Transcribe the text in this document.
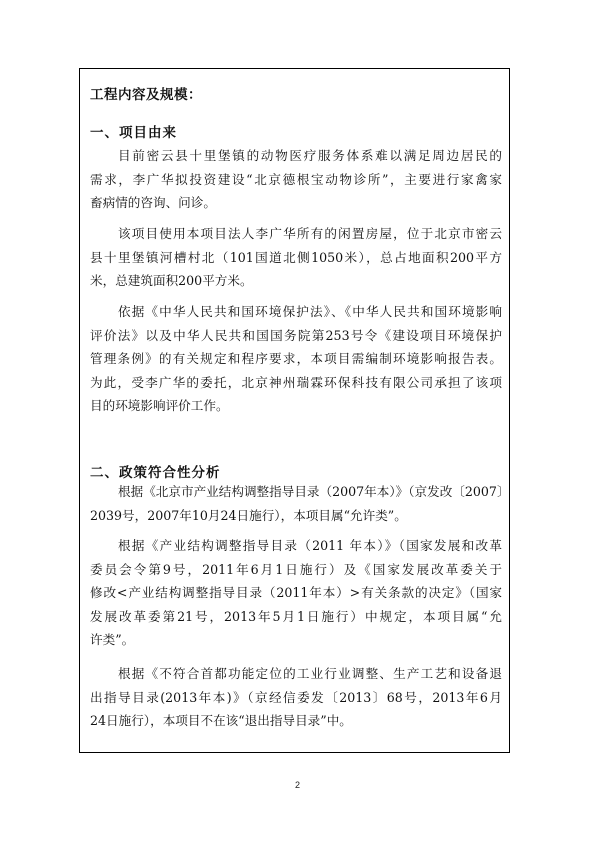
工程内容及规模：
一、项目由来
目前密云县十里堡镇的动物医疗服务体系难以满足周边居民的
需求，李广华拟投资建设“北京德根宝动物诊所”，主要进行家禽家
畜病情的咨询、问诊。
该项目使用本项目法人李广华所有的闲置房屋，位于北京市密云
县十里堡镇河槽村北（101国道北侧1050米），总占地面积200平方
米，总建筑面积200平方米。
依据《中华人民共和国环境保护法》、《中华人民共和国环境影响
评价法》以及中华人民共和国国务院第253号令《建设项目环境保护
管理条例》的有关规定和程序要求，本项目需编制环境影响报告表。
为此，受李广华的委托，北京神州瑞霖环保科技有限公司承担了该项
目的环境影响评价工作。
二、政策符合性分析
根据《北京市产业结构调整指导目录（2007年本）》（京发改〔2007〕
2039号，2007年10月24日施行），本项目属“允许类”。
根据《产业结构调整指导目录（2011 年本）》（国家发展和改革
委员会令第9号，2011年6月1日施行）及《国家发展改革委关于
修改<产业结构调整指导目录（2011年本）>有关条款的决定》（国家
发展改革委第21号，2013年5月1日施行）中规定，本项目属“允
许类”。
根据《不符合首都功能定位的工业行业调整、生产工艺和设备退
出指导目录(2013年本)》（京经信委发〔2013〕68号，2013年6月
24日施行），本项目不在该“退出指导目录”中。
2
